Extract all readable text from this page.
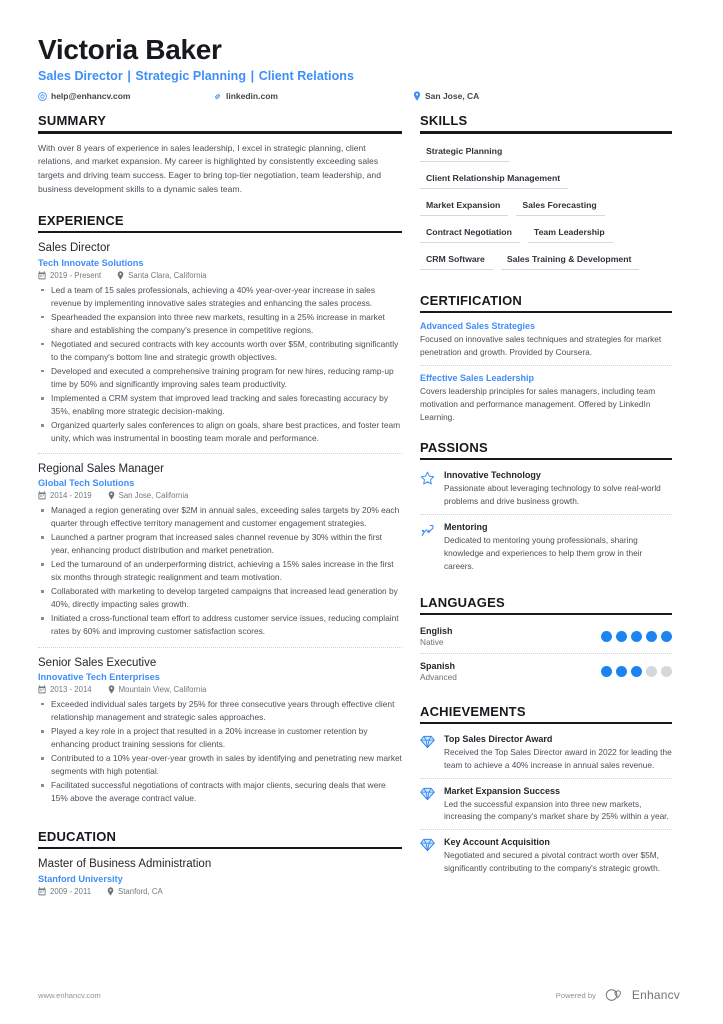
Victoria Baker
Sales Director | Strategic Planning | Client Relations
help@enhancv.com	linkedin.com	San Jose, CA
SUMMARY
With over 8 years of experience in sales leadership, I excel in strategic planning, client relations, and market expansion. My career is highlighted by consistently exceeding sales targets and driving team success. Eager to bring top-tier negotiation, team leadership, and business development skills to a dynamic sales team.
EXPERIENCE
Sales Director
Tech Innovate Solutions
2019 - Present	Santa Clara, California
Led a team of 15 sales professionals, achieving a 40% year-over-year increase in sales revenue by implementing innovative sales strategies and enhancing the sales process.
Spearheaded the expansion into three new markets, resulting in a 25% increase in market share and establishing the company's presence in competitive regions.
Negotiated and secured contracts with key accounts worth over $5M, contributing significantly to the company's bottom line and strategic growth objectives.
Developed and executed a comprehensive training program for new hires, reducing ramp-up time by 50% and significantly improving sales team productivity.
Implemented a CRM system that improved lead tracking and sales forecasting accuracy by 35%, enabling more strategic decision-making.
Organized quarterly sales conferences to align on goals, share best practices, and foster team unity, which was instrumental in boosting team morale and performance.
Regional Sales Manager
Global Tech Solutions
2014 - 2019	San Jose, California
Managed a region generating over $2M in annual sales, exceeding sales targets by 20% each quarter through effective territory management and customer engagement strategies.
Launched a partner program that increased sales channel revenue by 30% within the first year, enhancing product distribution and market penetration.
Led the turnaround of an underperforming district, achieving a 15% sales increase in the first six months through strategic realignment and team motivation.
Collaborated with marketing to develop targeted campaigns that increased lead generation by 40%, directly impacting sales growth.
Initiated a cross-functional team effort to address customer service issues, reducing complaint rates by 60% and improving customer satisfaction scores.
Senior Sales Executive
Innovative Tech Enterprises
2013 - 2014	Mountain View, California
Exceeded individual sales targets by 25% for three consecutive years through effective client relationship management and strategic sales approaches.
Played a key role in a project that resulted in a 20% increase in customer retention by enhancing product training sessions for clients.
Contributed to a 10% year-over-year growth in sales by identifying and penetrating new market segments with high potential.
Facilitated successful negotiations of contracts with major clients, securing deals that were 15% above the average contract value.
EDUCATION
Master of Business Administration
Stanford University
2009 - 2011	Stanford, CA
SKILLS
Strategic Planning
Client Relationship Management
Market Expansion	Sales Forecasting
Contract Negotiation	Team Leadership
CRM Software	Sales Training & Development
CERTIFICATION
Advanced Sales Strategies
Focused on innovative sales techniques and strategies for market penetration and growth. Provided by Coursera.
Effective Sales Leadership
Covers leadership principles for sales managers, including team motivation and performance management. Offered by LinkedIn Learning.
PASSIONS
Innovative Technology
Passionate about leveraging technology to solve real-world problems and drive business growth.
Mentoring
Dedicated to mentoring young professionals, sharing knowledge and experiences to help them grow in their careers.
LANGUAGES
English
Native
Spanish
Advanced
ACHIEVEMENTS
Top Sales Director Award
Received the Top Sales Director award in 2022 for leading the team to achieve a 40% increase in annual sales revenue.
Market Expansion Success
Led the successful expansion into three new markets, increasing the company's market share by 25% within a year.
Key Account Acquisition
Negotiated and secured a pivotal contract worth over $5M, significantly contributing to the company's strategic growth.
www.enhancv.com	Powered by	Enhancv
